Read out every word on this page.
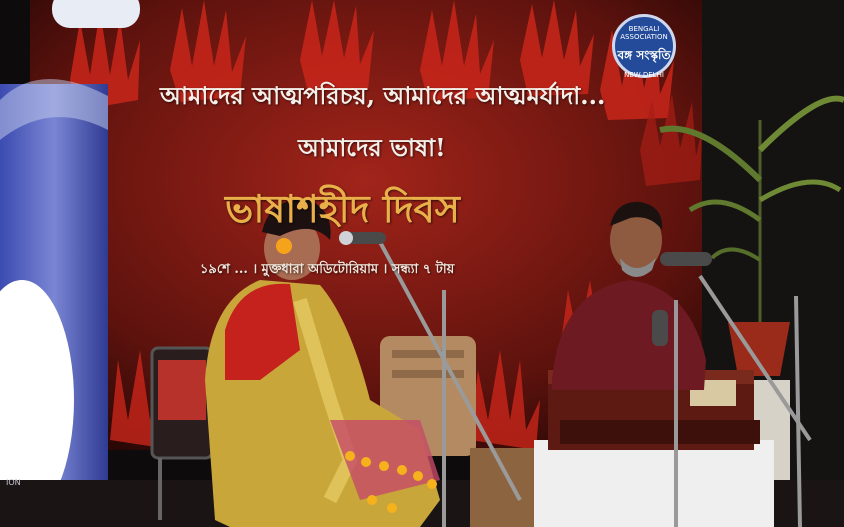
আমাদের আত্মপরিচয়, আমাদের আত্মমর্যাদা...
আমাদের ভাষা!
ভাষাশহীদ দিবস
১৯শে ... । মুক্তধারা অডিটোরিয়াম । সন্ধ্যা ৭ টায়
BENGALI ASSOCIATION
বঙ্গ সংস্কৃতি
NEW DELHI
ION
